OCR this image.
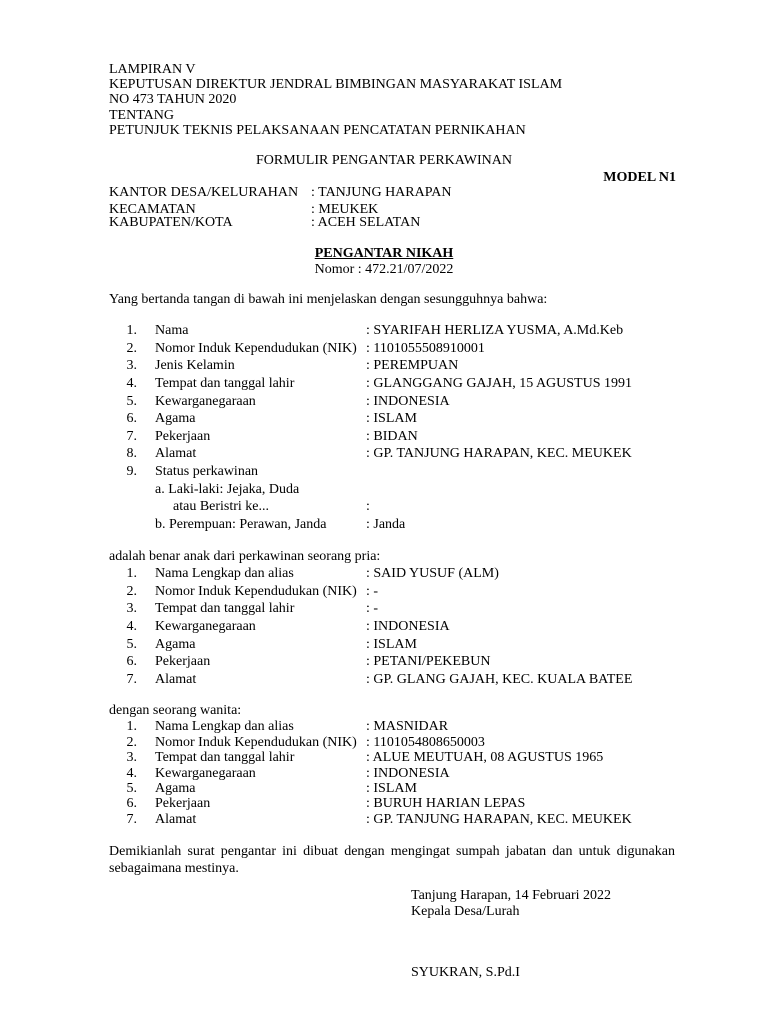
LAMPIRAN V
KEPUTUSAN DIREKTUR JENDRAL BIMBINGAN MASYARAKAT ISLAM
NO 473 TAHUN 2020
TENTANG
PETUNJUK TEKNIS PELAKSANAAN PENCATATAN PERNIKAHAN
FORMULIR PENGANTAR PERKAWINAN
MODEL N1
KANTOR DESA/KELURAHAN : TANJUNG HARAPAN
KECAMATAN	: MEUKEK
KABUPATEN/KOTA	: ACEH SELATAN
PENGANTAR NIKAH
Nomor : 472.21/07/2022
Yang bertanda tangan di bawah ini menjelaskan dengan sesungguhnya bahwa:
1. Nama	: SYARIFAH HERLIZA YUSMA, A.Md.Keb
2. Nomor Induk Kependudukan (NIK) : 1101055508910001
3. Jenis Kelamin	: PEREMPUAN
4. Tempat dan tanggal lahir	: GLANGGANG GAJAH, 15 AGUSTUS 1991
5. Kewarganegaraan	: INDONESIA
6. Agama	: ISLAM
7. Pekerjaan	: BIDAN
8. Alamat	: GP. TANJUNG HARAPAN, KEC. MEUKEK
9. Status perkawinan
a. Laki-laki: Jejaka, Duda
atau Beristri ke...	:
b. Perempuan: Perawan, Janda	: Janda
adalah benar anak dari perkawinan seorang pria:
1. Nama Lengkap dan alias	: SAID YUSUF (ALM)
2. Nomor Induk Kependudukan (NIK) : -
3. Tempat dan tanggal lahir	: -
4. Kewarganegaraan	: INDONESIA
5. Agama	: ISLAM
6. Pekerjaan	: PETANI/PEKEBUN
7. Alamat	: GP. GLANG GAJAH, KEC. KUALA BATEE
dengan seorang wanita:
1. Nama Lengkap dan alias	: MASNIDAR
2. Nomor Induk Kependudukan (NIK) : 1101054808650003
3. Tempat dan tanggal lahir	: ALUE MEUTUAH, 08 AGUSTUS 1965
4. Kewarganegaraan	: INDONESIA
5. Agama	: ISLAM
6. Pekerjaan	: BURUH HARIAN LEPAS
7. Alamat	: GP. TANJUNG HARAPAN, KEC. MEUKEK
Demikianlah surat pengantar ini dibuat dengan mengingat sumpah jabatan dan untuk digunakan sebagaimana mestinya.
Tanjung Harapan, 14 Februari 2022
Kepala Desa/Lurah
SYUKRAN, S.Pd.I
